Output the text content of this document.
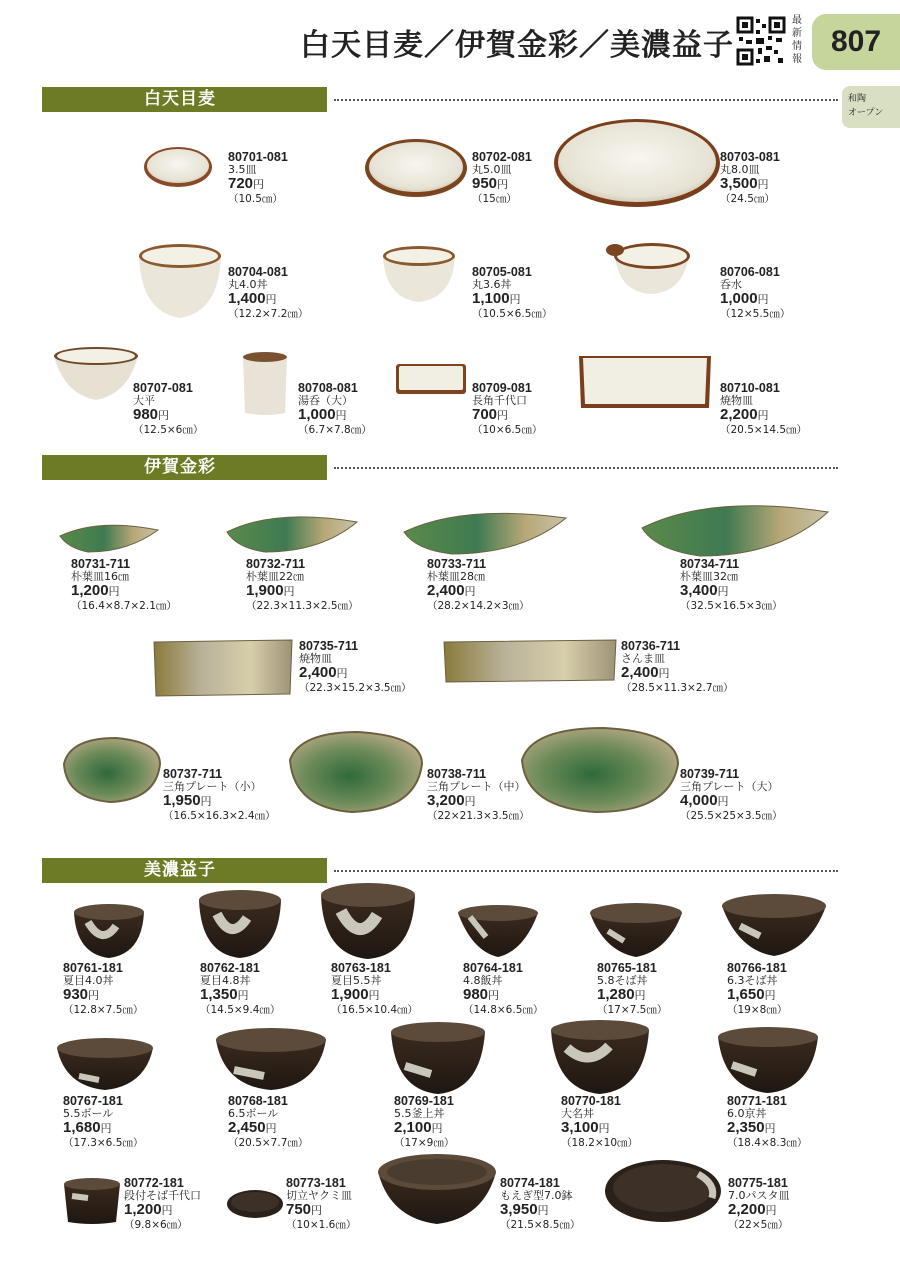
白天目麦／伊賀金彩／美濃益子
最新情報
807
和陶
オープン
白天目麦
伊賀金彩
美濃益子
80701-081
3.5皿
720円
（10.5㎝）
80702-081
丸5.0皿
950円
（15㎝）
80703-081
丸8.0皿
3,500円
（24.5㎝）
80704-081
丸4.0丼
1,400円
（12.2×7.2㎝）
80705-081
丸3.6丼
1,100円
（10.5×6.5㎝）
80706-081
呑水
1,000円
（12×5.5㎝）
80707-081
大平
980円
（12.5×6㎝）
80708-081
湯呑（大）
1,000円
（6.7×7.8㎝）
80709-081
長角千代口
700円
（10×6.5㎝）
80710-081
焼物皿
2,200円
（20.5×14.5㎝）
80731-711
朴葉皿16㎝
1,200円
（16.4×8.7×2.1㎝）
80732-711
朴葉皿22㎝
1,900円
（22.3×11.3×2.5㎝）
80733-711
朴葉皿28㎝
2,400円
（28.2×14.2×3㎝）
80734-711
朴葉皿32㎝
3,400円
（32.5×16.5×3㎝）
80735-711
焼物皿
2,400円
（22.3×15.2×3.5㎝）
80736-711
さんま皿
2,400円
（28.5×11.3×2.7㎝）
80737-711
三角プレート（小）
1,950円
（16.5×16.3×2.4㎝）
80738-711
三角プレート（中）
3,200円
（22×21.3×3.5㎝）
80739-711
三角プレート（大）
4,000円
（25.5×25×3.5㎝）
80761-181
夏目4.0丼
930円
（12.8×7.5㎝）
80762-181
夏目4.8丼
1,350円
（14.5×9.4㎝）
80763-181
夏目5.5丼
1,900円
（16.5×10.4㎝）
80764-181
4.8飯丼
980円
（14.8×6.5㎝）
80765-181
5.8そば丼
1,280円
（17×7.5㎝）
80766-181
6.3そば丼
1,650円
（19×8㎝）
80767-181
5.5ボール
1,680円
（17.3×6.5㎝）
80768-181
6.5ボール
2,450円
（20.5×7.7㎝）
80769-181
5.5釜上丼
2,100円
（17×9㎝）
80770-181
大名丼
3,100円
（18.2×10㎝）
80771-181
6.0京丼
2,350円
（18.4×8.3㎝）
80772-181
段付そば千代口
1,200円
（9.8×6㎝）
80773-181
切立ヤクミ皿
750円
（10×1.6㎝）
80774-181
もえぎ型7.0鉢
3,950円
（21.5×8.5㎝）
80775-181
7.0パスタ皿
2,200円
（22×5㎝）
